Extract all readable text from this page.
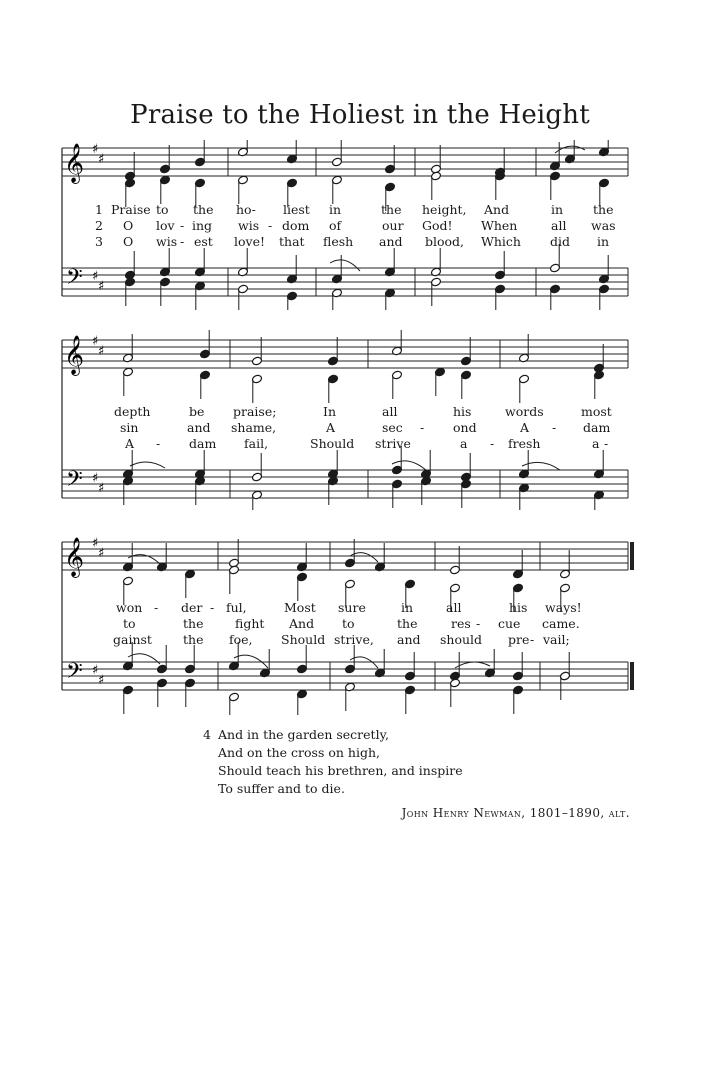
Praise to the Holiest in the Height
𝄞
𝄢
♯
♯
♯
♯
1 Praise to the ho- liest in	the height, And	in the
2 O lov - ing wis - dom of	our God! When	all was
3 O wis - est love! that flesh and blood, Which did in
𝄞
𝄢
♯
♯
♯
♯
depth	be praise;	In	all	his	words	most
sin	and shame,	A	sec - ond	A - dam
A - dam fail,	Should strive	a - fresh	a -
𝄞
𝄢
♯
♯
♯
♯
won - der - ful,	Most sure	in	all	his ways!
to	the	fight And to	the	res - cue came.
gainst the foe, Should strive, and should pre - vail;
4 And in the garden secretly,
And on the cross on high,
Should teach his brethren, and inspire
To suffer and to die.
John Henry Newman, 1801–1890, alt.
